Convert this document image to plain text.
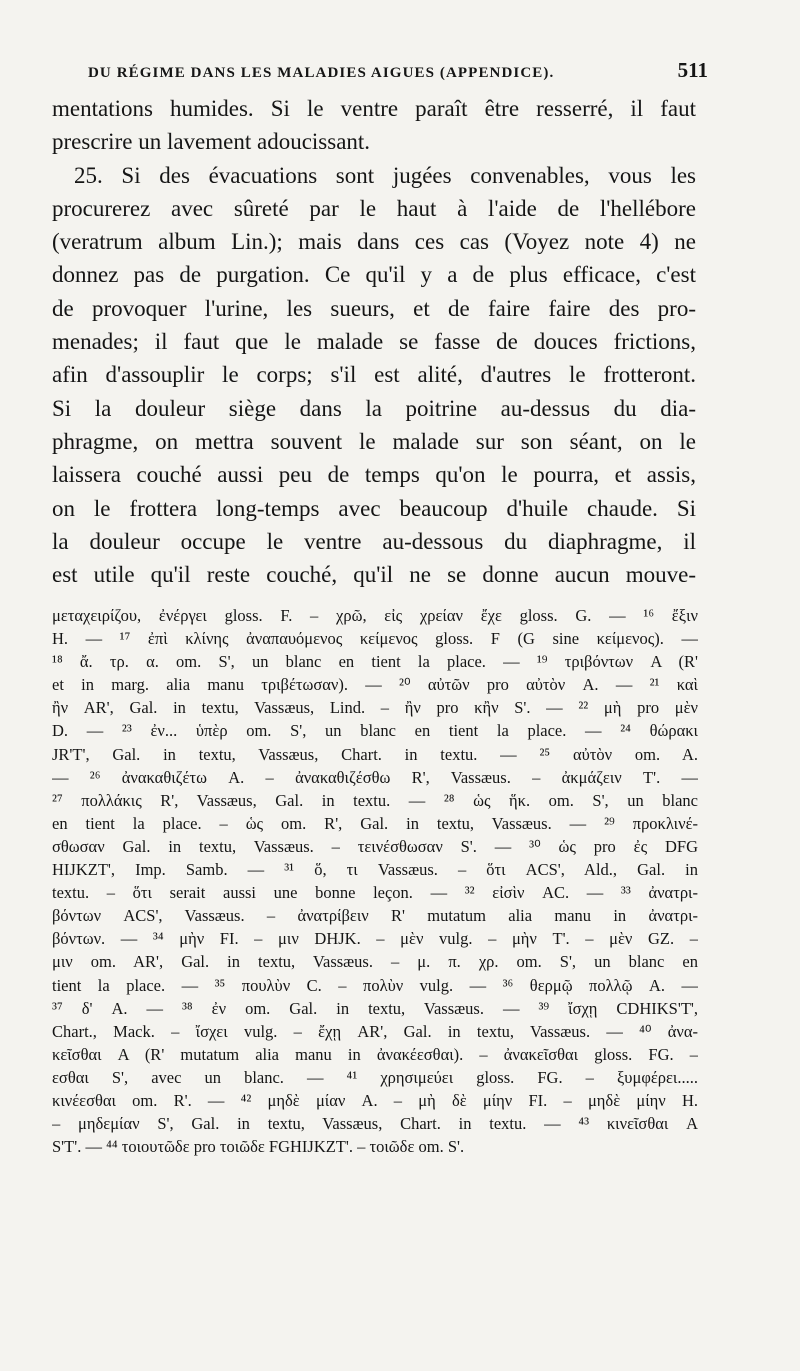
DU RÉGIME DANS LES MALADIES AIGUES (APPENDICE).	511
mentations humides. Si le ventre paraît être resserré, il faut
prescrire un lavement adoucissant.
25. Si des évacuations sont jugées convenables, vous les
procurerez avec sûreté par le haut à l'aide de l'hellébore
(veratrum album Lin.); mais dans ces cas (Voyez note 4) ne
donnez pas de purgation. Ce qu'il y a de plus efficace, c'est
de provoquer l'urine, les sueurs, et de faire faire des pro-
menades; il faut que le malade se fasse de douces frictions,
afin d'assouplir le corps; s'il est alité, d'autres le frotteront.
Si la douleur siège dans la poitrine au-dessus du dia-
phragme, on mettra souvent le malade sur son séant, on le
laissera couché aussi peu de temps qu'on le pourra, et assis,
on le frottera long-temps avec beaucoup d'huile chaude. Si
la douleur occupe le ventre au-dessous du diaphragme, il
est utile qu'il reste couché, qu'il ne se donne aucun mouve-
μεταχειρίζου, ἐνέργει gloss. F. – χρῶ, εἰς χρείαν ἔχε gloss. G. — ¹⁶ ἔξιν
H. — ¹⁷ ἐπὶ κλίνης ἀναπαυόμενος κείμενος gloss. F (G sine κείμενος). —
¹⁸ ἄ. τρ. α. om. S', un blanc en tient la place. — ¹⁹ τριβόντων A (R'
et in marg. alia manu τριβέτωσαν). — ²⁰ αὐτῶν pro αὐτὸν A. — ²¹ καὶ
ἢν AR', Gal. in textu, Vassæus, Lind. – ἢν pro κἢν S'. — ²² μὴ pro μὲν
D. — ²³ ἐν... ὑπὲρ om. S', un blanc en tient la place. — ²⁴ θώρακι
JR'T', Gal. in textu, Vassæus, Chart. in textu. — ²⁵ αὐτὸν om. A.
— ²⁶ ἀνακαθιζέτω A. – ἀνακαθιζέσθω R', Vassæus. – ἀκμάζειν T'. —
²⁷ πολλάκις R', Vassæus, Gal. in textu. — ²⁸ ὡς ἥκ. om. S', un blanc
en tient la place. – ὡς om. R', Gal. in textu, Vassæus. — ²⁹ προκλινέ-
σθωσαν Gal. in textu, Vassæus. – τεινέσθωσαν S'. — ³⁰ ὡς pro ἐς DFG
HIJKZT', Imp. Samb. — ³¹ ὅ, τι Vassæus. – ὅτι ACS', Ald., Gal. in
textu. – ὅτι serait aussi une bonne leçon. — ³² εἰσὶν AC. — ³³ ἀνατρι-
βόντων ACS', Vassæus. – ἀνατρίβειν R' mutatum alia manu in ἀνατρι-
βόντων. — ³⁴ μὴν FI. – μιν DHJK. – μὲν vulg. – μὴν T'. – μὲν GZ. –
μιν om. AR', Gal. in textu, Vassæus. – μ. π. χρ. om. S', un blanc en
tient la place. — ³⁵ πουλὺν C. – πολὺν vulg. — ³⁶ θερμῷ πολλῷ A. —
³⁷ δ' A. — ³⁸ ἐν om. Gal. in textu, Vassæus. — ³⁹ ἴσχῃ CDHIKS'T',
Chart., Mack. – ἴσχει vulg. – ἔχῃ AR', Gal. in textu, Vassæus. — ⁴⁰ ἀνα-
κεῖσθαι A (R' mutatum alia manu in ἀνακέεσθαι). – ἀνακεῖσθαι gloss. FG. –
εσθαι S', avec un blanc. — ⁴¹ χρησιμεύει gloss. FG. – ξυμφέρει.....
κινέεσθαι om. R'. — ⁴² μηδὲ μίαν A. – μὴ δὲ μίην FI. – μηδὲ μίην H.
– μηδεμίαν S', Gal. in textu, Vassæus, Chart. in textu. — ⁴³ κινεῖσθαι A
S'T'. — ⁴⁴ τοιουτῶδε pro τοιῶδε FGHIJKZT'. – τοιῶδε om. S'.
